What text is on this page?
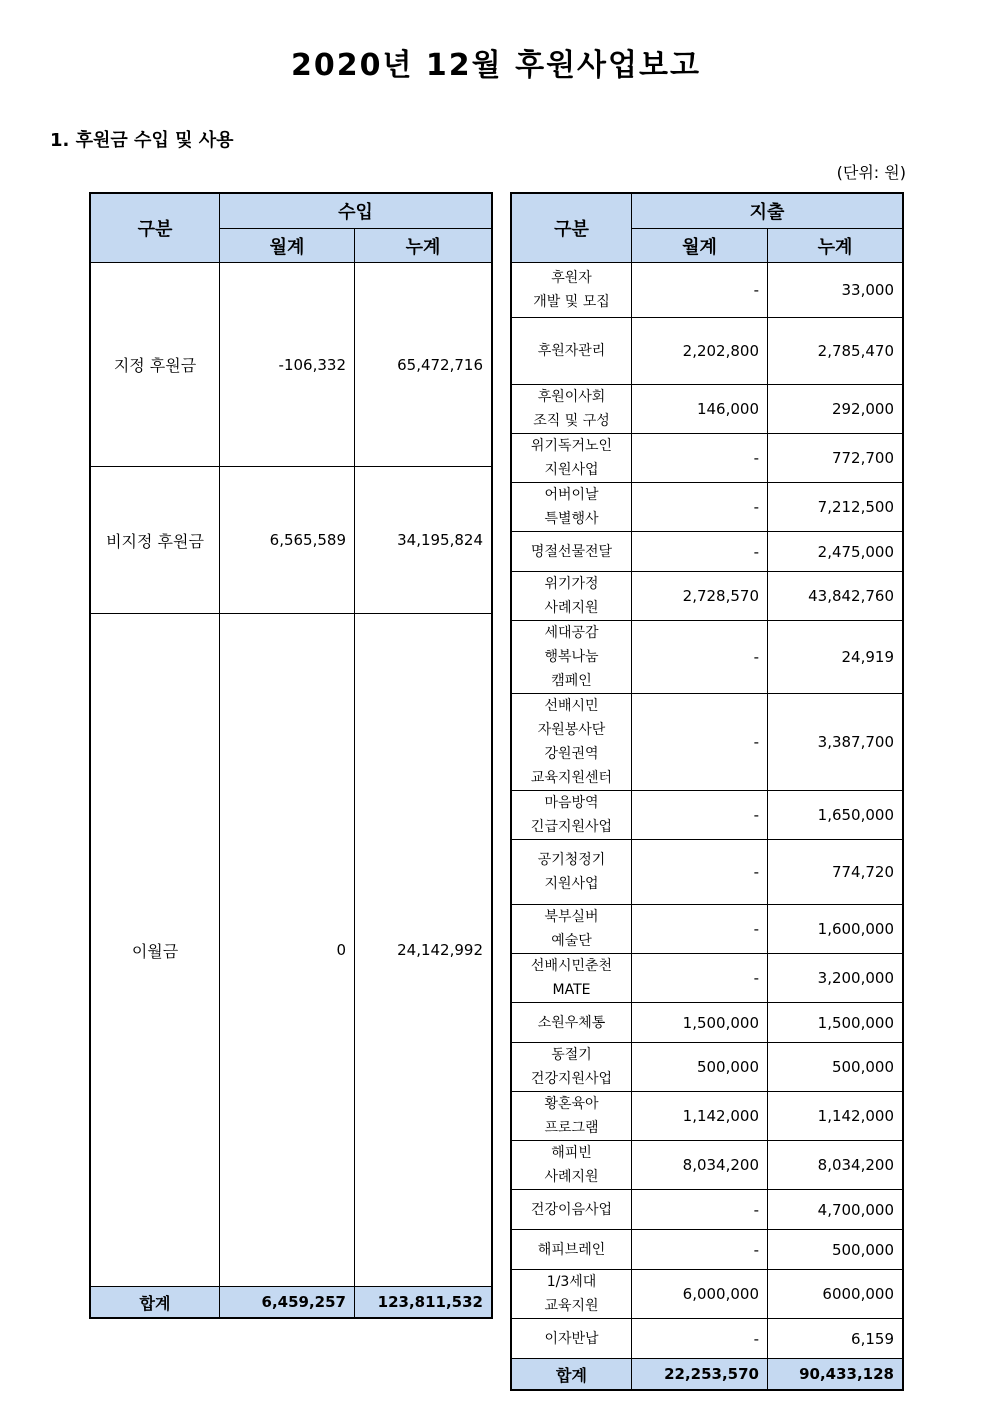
2020년 12월 후원사업보고
1. 후원금 수입 및 사용
(단위: 원)
구분	수입	
	월계	누계
지정 후원금	-106,332	65,472,716
비지정 후원금	6,565,589	34,195,824
이월금	0	24,142,992
합계	6,459,257	123,811,532
구분	지출	
	월계	누계
후원자
개발 및 모집	-	33,000
후원자관리	2,202,800	2,785,470
후원이사회
조직 및 구성	146,000	292,000
위기독거노인
지원사업	-	772,700
어버이날
특별행사	-	7,212,500
명절선물전달	-	2,475,000
위기가정
사례지원	2,728,570	43,842,760
세대공감
행복나눔
캠페인	-	24,919
선배시민
자원봉사단
강원권역
교육지원센터	-	3,387,700
마음방역
긴급지원사업	-	1,650,000
공기청정기
지원사업	-	774,720
북부실버
예술단	-	1,600,000
선배시민춘천
MATE	-	3,200,000
소원우체통	1,500,000	1,500,000
동절기
건강지원사업	500,000	500,000
황혼육아
프로그램	1,142,000	1,142,000
해피빈
사례지원	8,034,200	8,034,200
건강이음사업	-	4,700,000
해피브레인	-	500,000
1/3세대
교육지원	6,000,000	6000,000
이자반납	-	6,159
합계	22,253,570	90,433,128
